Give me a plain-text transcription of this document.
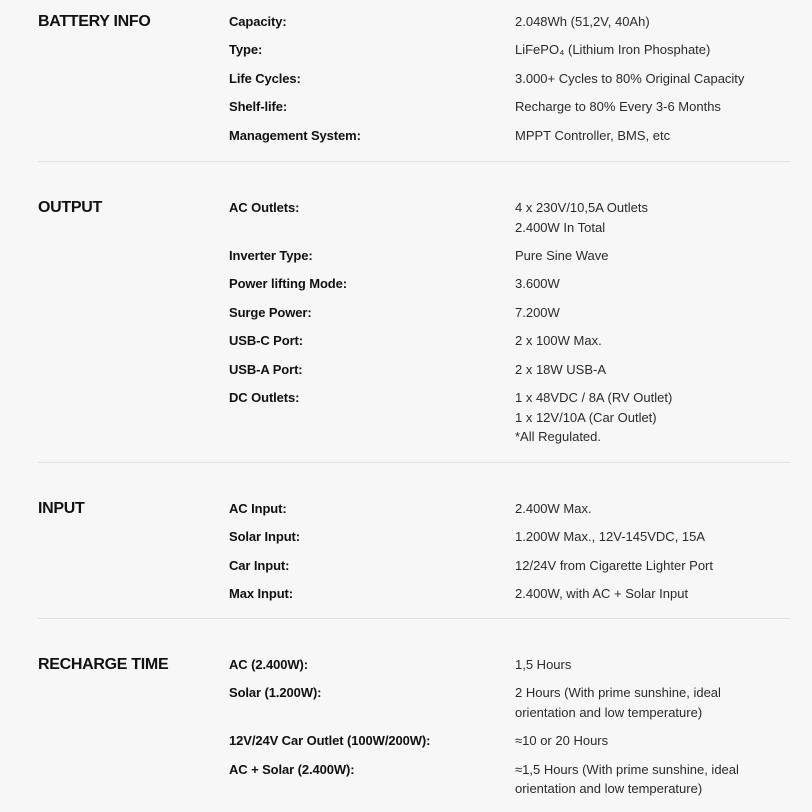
BATTERY INFO	Capacity:	2.048Wh (51,2V, 40Ah)
Type:	LiFePO₄ (Lithium Iron Phosphate)
Life Cycles:	3.000+ Cycles to 80% Original Capacity
Shelf-life:	Recharge to 80% Every 3-6 Months
Management System:	MPPT Controller, BMS, etc
OUTPUT	AC Outlets:	4 x 230V/10,5A Outlets
2.400W In Total
Inverter Type:	Pure Sine Wave
Power lifting Mode:	3.600W
Surge Power:	7.200W
USB-C Port:	2 x 100W Max.
USB-A Port:	2 x 18W USB-A
DC Outlets:	1 x 48VDC / 8A (RV Outlet)
1 x 12V/10A (Car Outlet)
*All Regulated.
INPUT	AC Input:	2.400W Max.
Solar Input:	1.200W Max., 12V-145VDC, 15A
Car Input:	12/24V from Cigarette Lighter Port
Max Input:	2.400W, with AC + Solar Input
RECHARGE TIME	AC (2.400W):	1,5 Hours
Solar (1.200W):	2 Hours (With prime sunshine, ideal
orientation and low temperature)
12V/24V Car Outlet (100W/200W):	≈10 or 20 Hours
AC + Solar (2.400W):	≈1,5 Hours (With prime sunshine, ideal
orientation and low temperature)
